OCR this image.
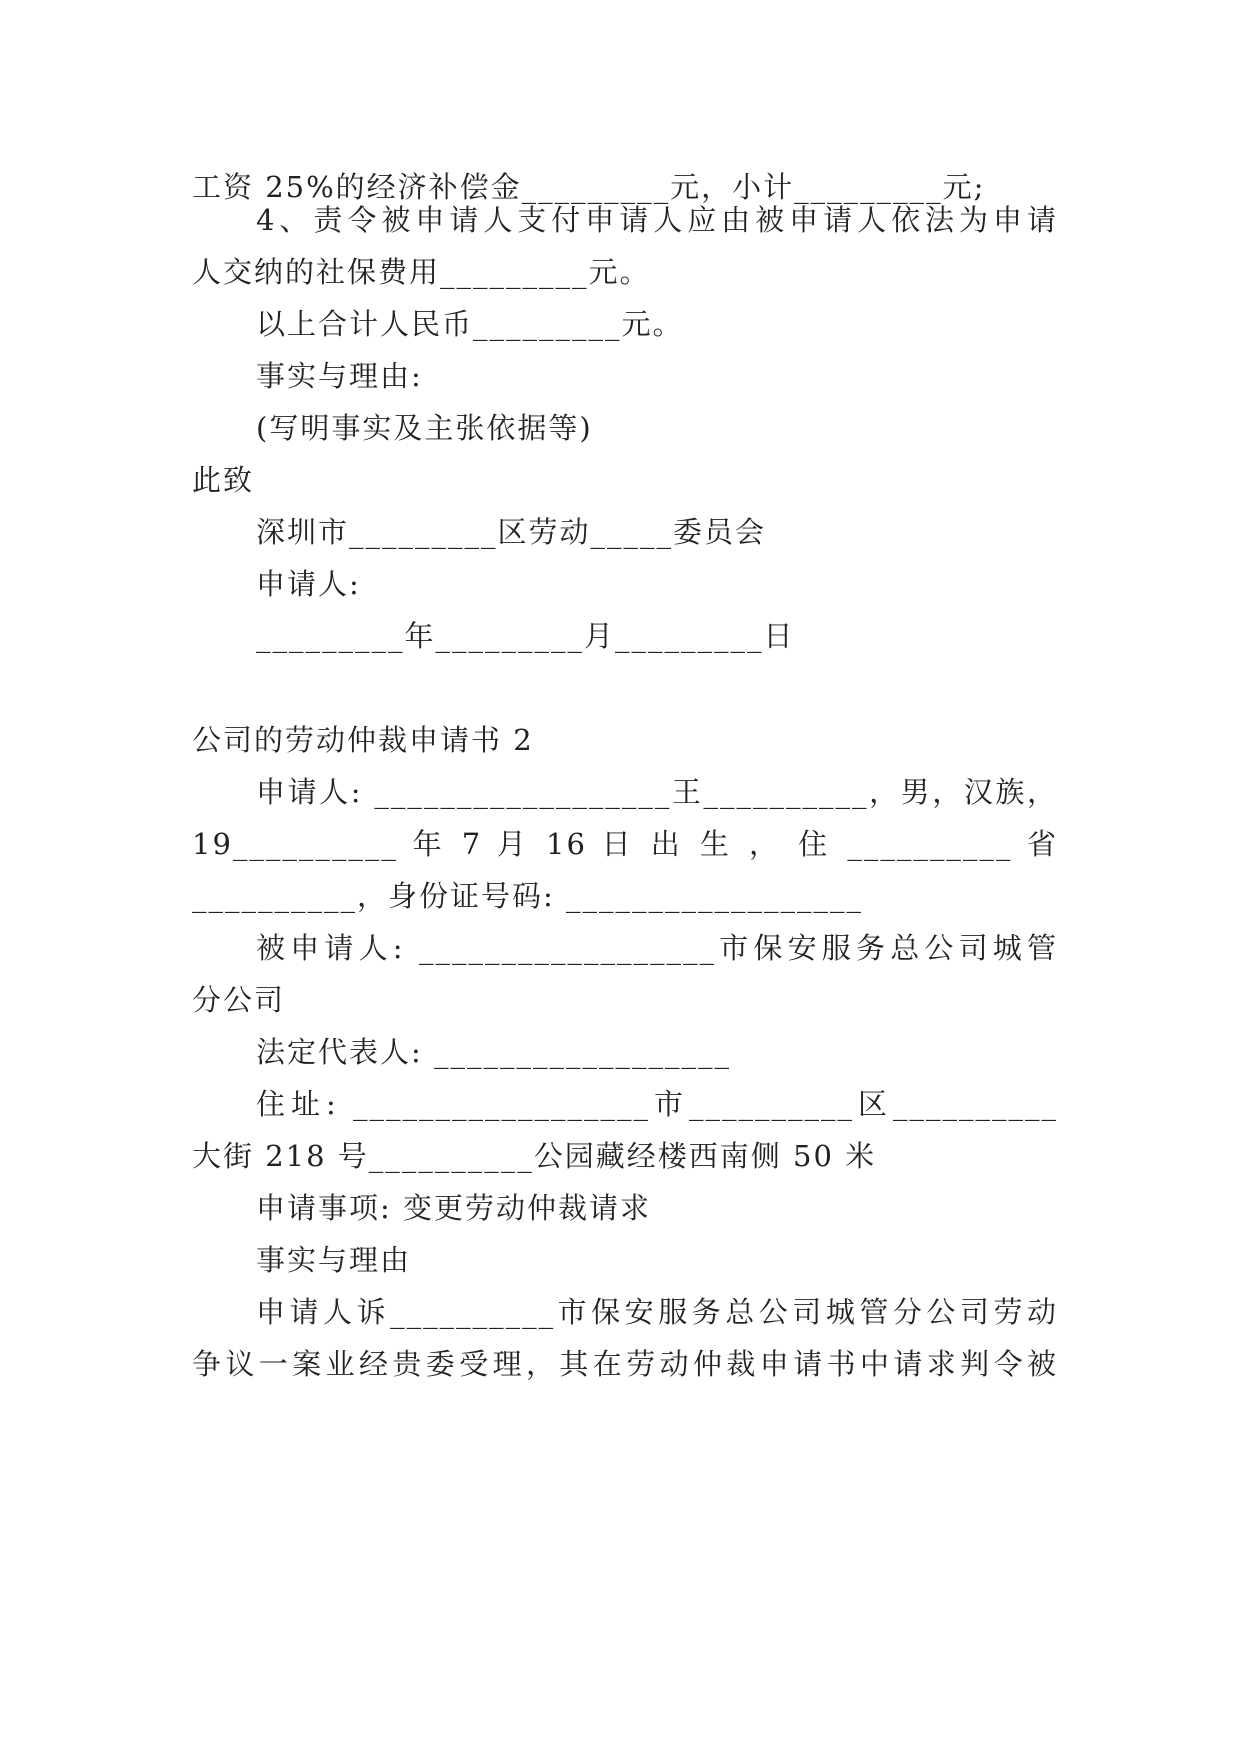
工资 25%的经济补偿金_________元，小计_________元;
4、责令被申请人支付申请人应由被申请人依法为申请
人交纳的社保费用_________元。
以上合计人民币_________元。
事实与理由:
(写明事实及主张依据等)
此致
深圳市_________区劳动_____委员会
申请人:
_________年_________月_________日
公司的劳动仲裁申请书 2
申请人: __________________王__________，男，汉族，
19__________ 年 7 月 16 日 出 生 ， 住 __________ 省
__________，身份证号码: __________________
被申请人: __________________市保安服务总公司城管
分公司
法定代表人: __________________
住址: __________________市__________区__________
大街 218 号__________公园藏经楼西南侧 50 米
申请事项: 变更劳动仲裁请求
事实与理由
申请人诉__________市保安服务总公司城管分公司劳动
争议一案业经贵委受理，其在劳动仲裁申请书中请求判令被
